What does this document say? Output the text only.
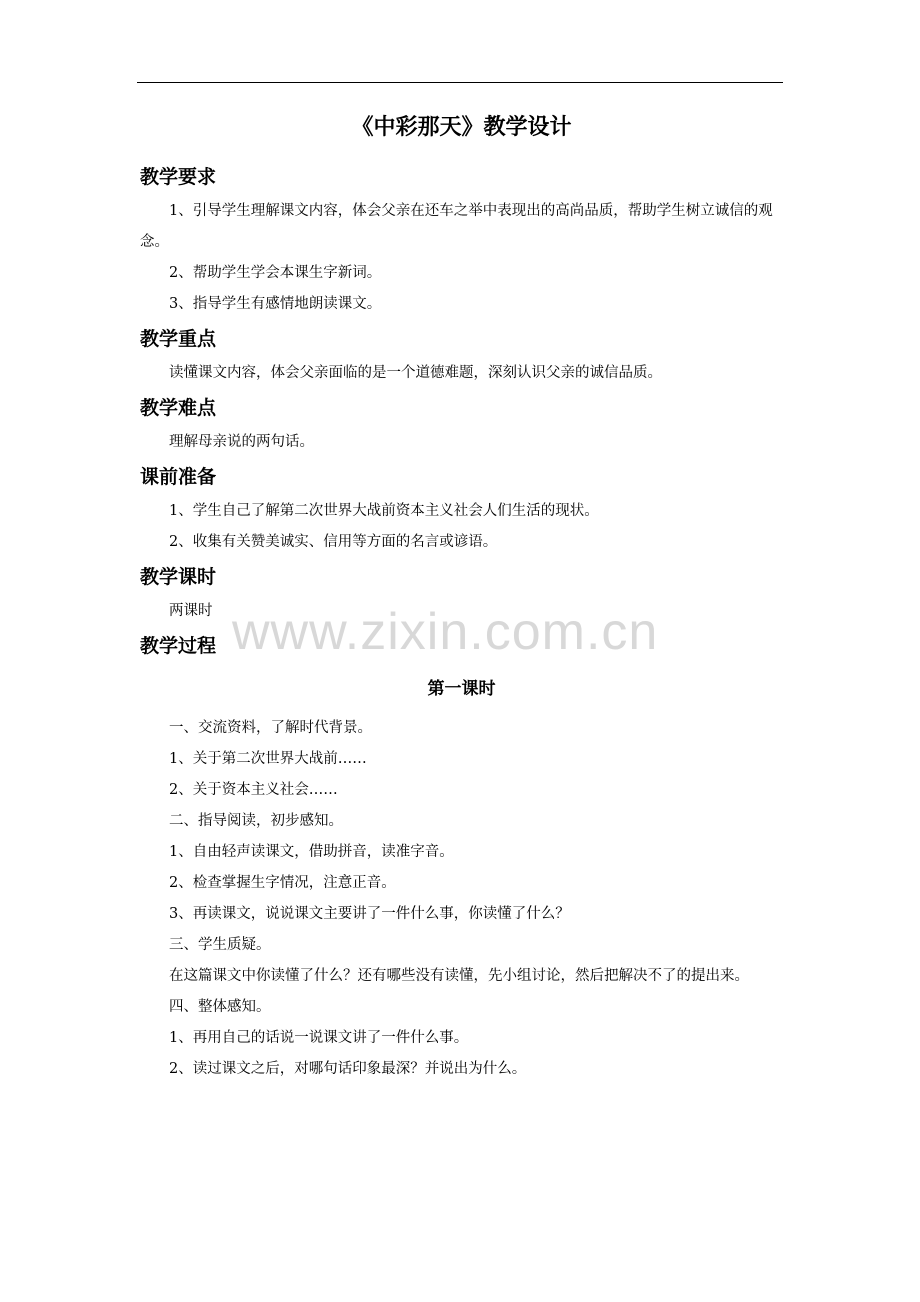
《中彩那天》教学设计
教学要求

1、引导学生理解课文内容，体会父亲在还车之举中表现出的高尚品质，帮助学生树立诚信的观念。

2、帮助学生学会本课生字新词。

3、指导学生有感情地朗读课文。

教学重点

读懂课文内容，体会父亲面临的是一个道德难题，深刻认识父亲的诚信品质。

教学难点

理解母亲说的两句话。

课前准备

1、学生自己了解第二次世界大战前资本主义社会人们生活的现状。

2、收集有关赞美诚实、信用等方面的名言或谚语。

教学课时

两课时

教学过程
第一课时

一、交流资料，了解时代背景。

1、关于第二次世界大战前……

2、关于资本主义社会……

二、指导阅读，初步感知。

1、自由轻声读课文，借助拼音，读准字音。

2、检查掌握生字情况，注意正音。

3、再读课文，说说课文主要讲了一件什么事，你读懂了什么？

三、学生质疑。

在这篇课文中你读懂了什么？还有哪些没有读懂，先小组讨论，然后把解决不了的提出来。

四、整体感知。

1、再用自己的话说一说课文讲了一件什么事。

2、读过课文之后，对哪句话印象最深？并说出为什么。

www.zixin.com.cn
